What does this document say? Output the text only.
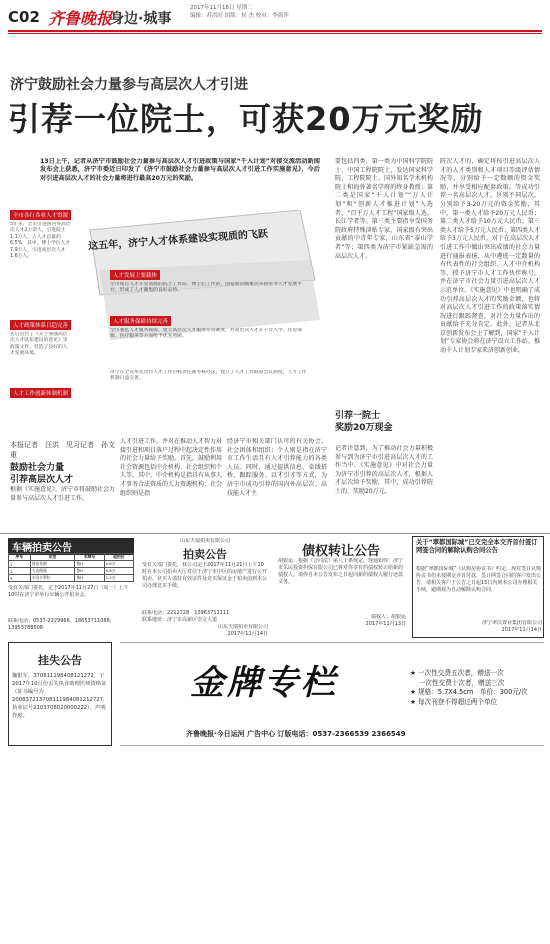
C02 齐鲁晚报
身边·城事
2017年11月16日 星期二
编辑：苏洪旺 组版：侯 杰 校对：李海萍
济宁鼓励社会力量参与高层次人才引进
引荐一位院士，可获20万元奖励
13日上午，记者从济宁市鼓励社会力量参与高层次人才引进政策与国家“千人计划”对接交流活动新闻发布会上获悉，济宁市委近日印发了《济宁市鼓励社会力量参与高层次人才引进工作实施意见》，今后对引进高层次人才的社会力量将进行最高20万元的奖励。
这五年，济宁人才体系建设实现质的飞跃
全市各行各业人才资源
5年来，全市引进国内外高层次人才2万余人，引进院士1.1万人，占人才总量的6.5%，其中，博士学位人才7.9万人，引进高层次人才1.6万人。
人才发展主要载体
全市现有人才开发领域的院士工作站、博士后工作站、国家和省级重点实验室等人才发展平台，形成了人才聚集的良好态势。
人才政策体系日趋完善
先后出台了《关于加强高层次人才队伍建设的意见》等政策文件，营造了良好的人才发展环境。
人才服务保障持续完善
全市强化人才服务保障，建立高层次人才服务专员制度，对高层次人才在子女入学、住房保障、医疗服务等方面给予优先照顾。
人才工作创新体制机制
济宁在全省率先出台人才工作目标责任制考核办法，建立了人才工作联席会议制度，人才工作机制日益完善。
本报记者　汪洪　见习记者　孙文重
鼓励社会力量
引荐高层次人才
根据《实施意见》，济宁市将鼓励社会力量参与高层次人才引进工作。
人才引进工作，并对在推动人才智力对接引进和项目落户过程中起决定性作用的社会力量给予奖励。首先，鼓励利用社会资源包括中介机构、社会组织和个人等。其中，中介机构是指具有从事人才事务合法资质的人力资源机构；社会组织则是指
经济宁市相关部门认可的有关协会、社会团体和组织；个人则是指在济宁市工作生活且有人才引荐能力的各类人员。同时，通过提供信息、牵线搭桥、跟踪服务、以才引才等方式，为济宁市成功引荐的国内外高层次、高技能人才主
要包括四类，第一类为中国科学院院士、中国工程院院士、发达国家科学院、工程院院士、国外知名学术机构院士和海外著名学府的终身教授；第二类是国家“千人计划”“万人计划”和“创新人才推进计划”入选者，“百千万人才工程”国家级人选，长江学者等。第三类主要指享受国务院政府特殊津贴专家，国家级有突出贡献的中青年专家，山东省“泰山学者”等；第四类为济宁市紧缺急需的高层次人才。
引荐一院士
奖励20万现金
记者注意到，为了推动社会力量积极参与到为济宁市引进高层次人才的工作当中，《实施意见》中对社会力量为济宁市引荐的高层次人才，根据人才层次给予奖励，其中，成功引荐院士的，奖励20万元。
院次人才的，确定将按引进高层次人才的人才类别和人才项目等级评估情况等，分别给予一定数额的资金奖励，并享受相应配套政策。等成功引荐一名高层次人才，区别不同层次，分别给予3-20万元的资金奖励，其中，第一类人才给予20万元人民币；第二类人才给予10万元人民币；第三类人才给予5万元人民币；第四类人才给予3万元人民币，对于在高层次人才引进工作中做出突出成绩的社会力量进行通报表扬，从中遴选一定数量的有代表性的社会组织、人才中介机构等，授予济宁市人才工作伙伴称号，并在济宁市社会力量引进高层次人才示范单位。《实施意见》中也明确了成功引荐高层次人才的奖励金额，也将对高层次人才引进工作的政策落实情况进行跟踪督查，对社会力量作出的贡献给予充分肯定。此外，记者从北京创新发布会上了解到，国家“千人计划”专家协会将在济宁设立工作站，推动千人计划专家来济创新创业。
车辆拍卖公告
序号	车型	车牌号	起拍价
1	别克英朗	鲁H	0.6万
2	大众朗逸	鲁H	0.8万
3	丰田卡罗拉	鲁H	1.2万
受有关部门委托，定于2017年11月27日（周一）上午10时在济宁市举行车辆公开拍卖会。
联系电话：0537-2229966，18653711088，13953788508
山东天瑞拍卖有限公司
拍卖公告
受有关部门委托，我公司定于2017年11月21日上午10时在本公司拍卖大厅对位于济宁市中区的房地产进行公开拍卖。竞买人请持有效证件及竞买保证金于拍卖前到本公司办理竞买手续。
联系电话：2212728　13963711111
联系地址：济宁市高新区崇文大道
山东天瑞拍卖有限公司
2017年11月14日
债权转让公告
胡银运：根据《合同法》第八十条规定，现通知你：济宁市乐民投资担保有限公司已将对你享有的债权转让给新的债权人，请你自本公告发布之日起向新的债权人履行还款义务。
债权人：胡银运
2017年11月13日
关于“翠都国际城”已交完全本交齐首付签订网签合同的解除认购合同公告
根据“翠都国际城”《认购房协议书》约定，现对签订认购协议书但未按期交齐首付款、签订网签合同的客户发出公告，请相关客户于公告之日起15日内到本公司办理相关手续，逾期视为自动解除认购合同。
济宁翠沃置业集团有限公司
2017年11月14日
挂失公告
魏银军，370811198408121272，于2017年10月份丢失执业助理医师资格证（证书编号为200837213708111984081212727，执业证号2103708020000222），声明作废。
金牌专栏	★ 一次性交费五次者，赠送一次
　 一次性交费十次者，赠送三次
★ 规格：5.7X4.5cm　单价：300元/次
★ 每次刊登不得超过两个单位
齐鲁晚报·今日运河 广告中心 订版电话：0537-2366539 2366549
